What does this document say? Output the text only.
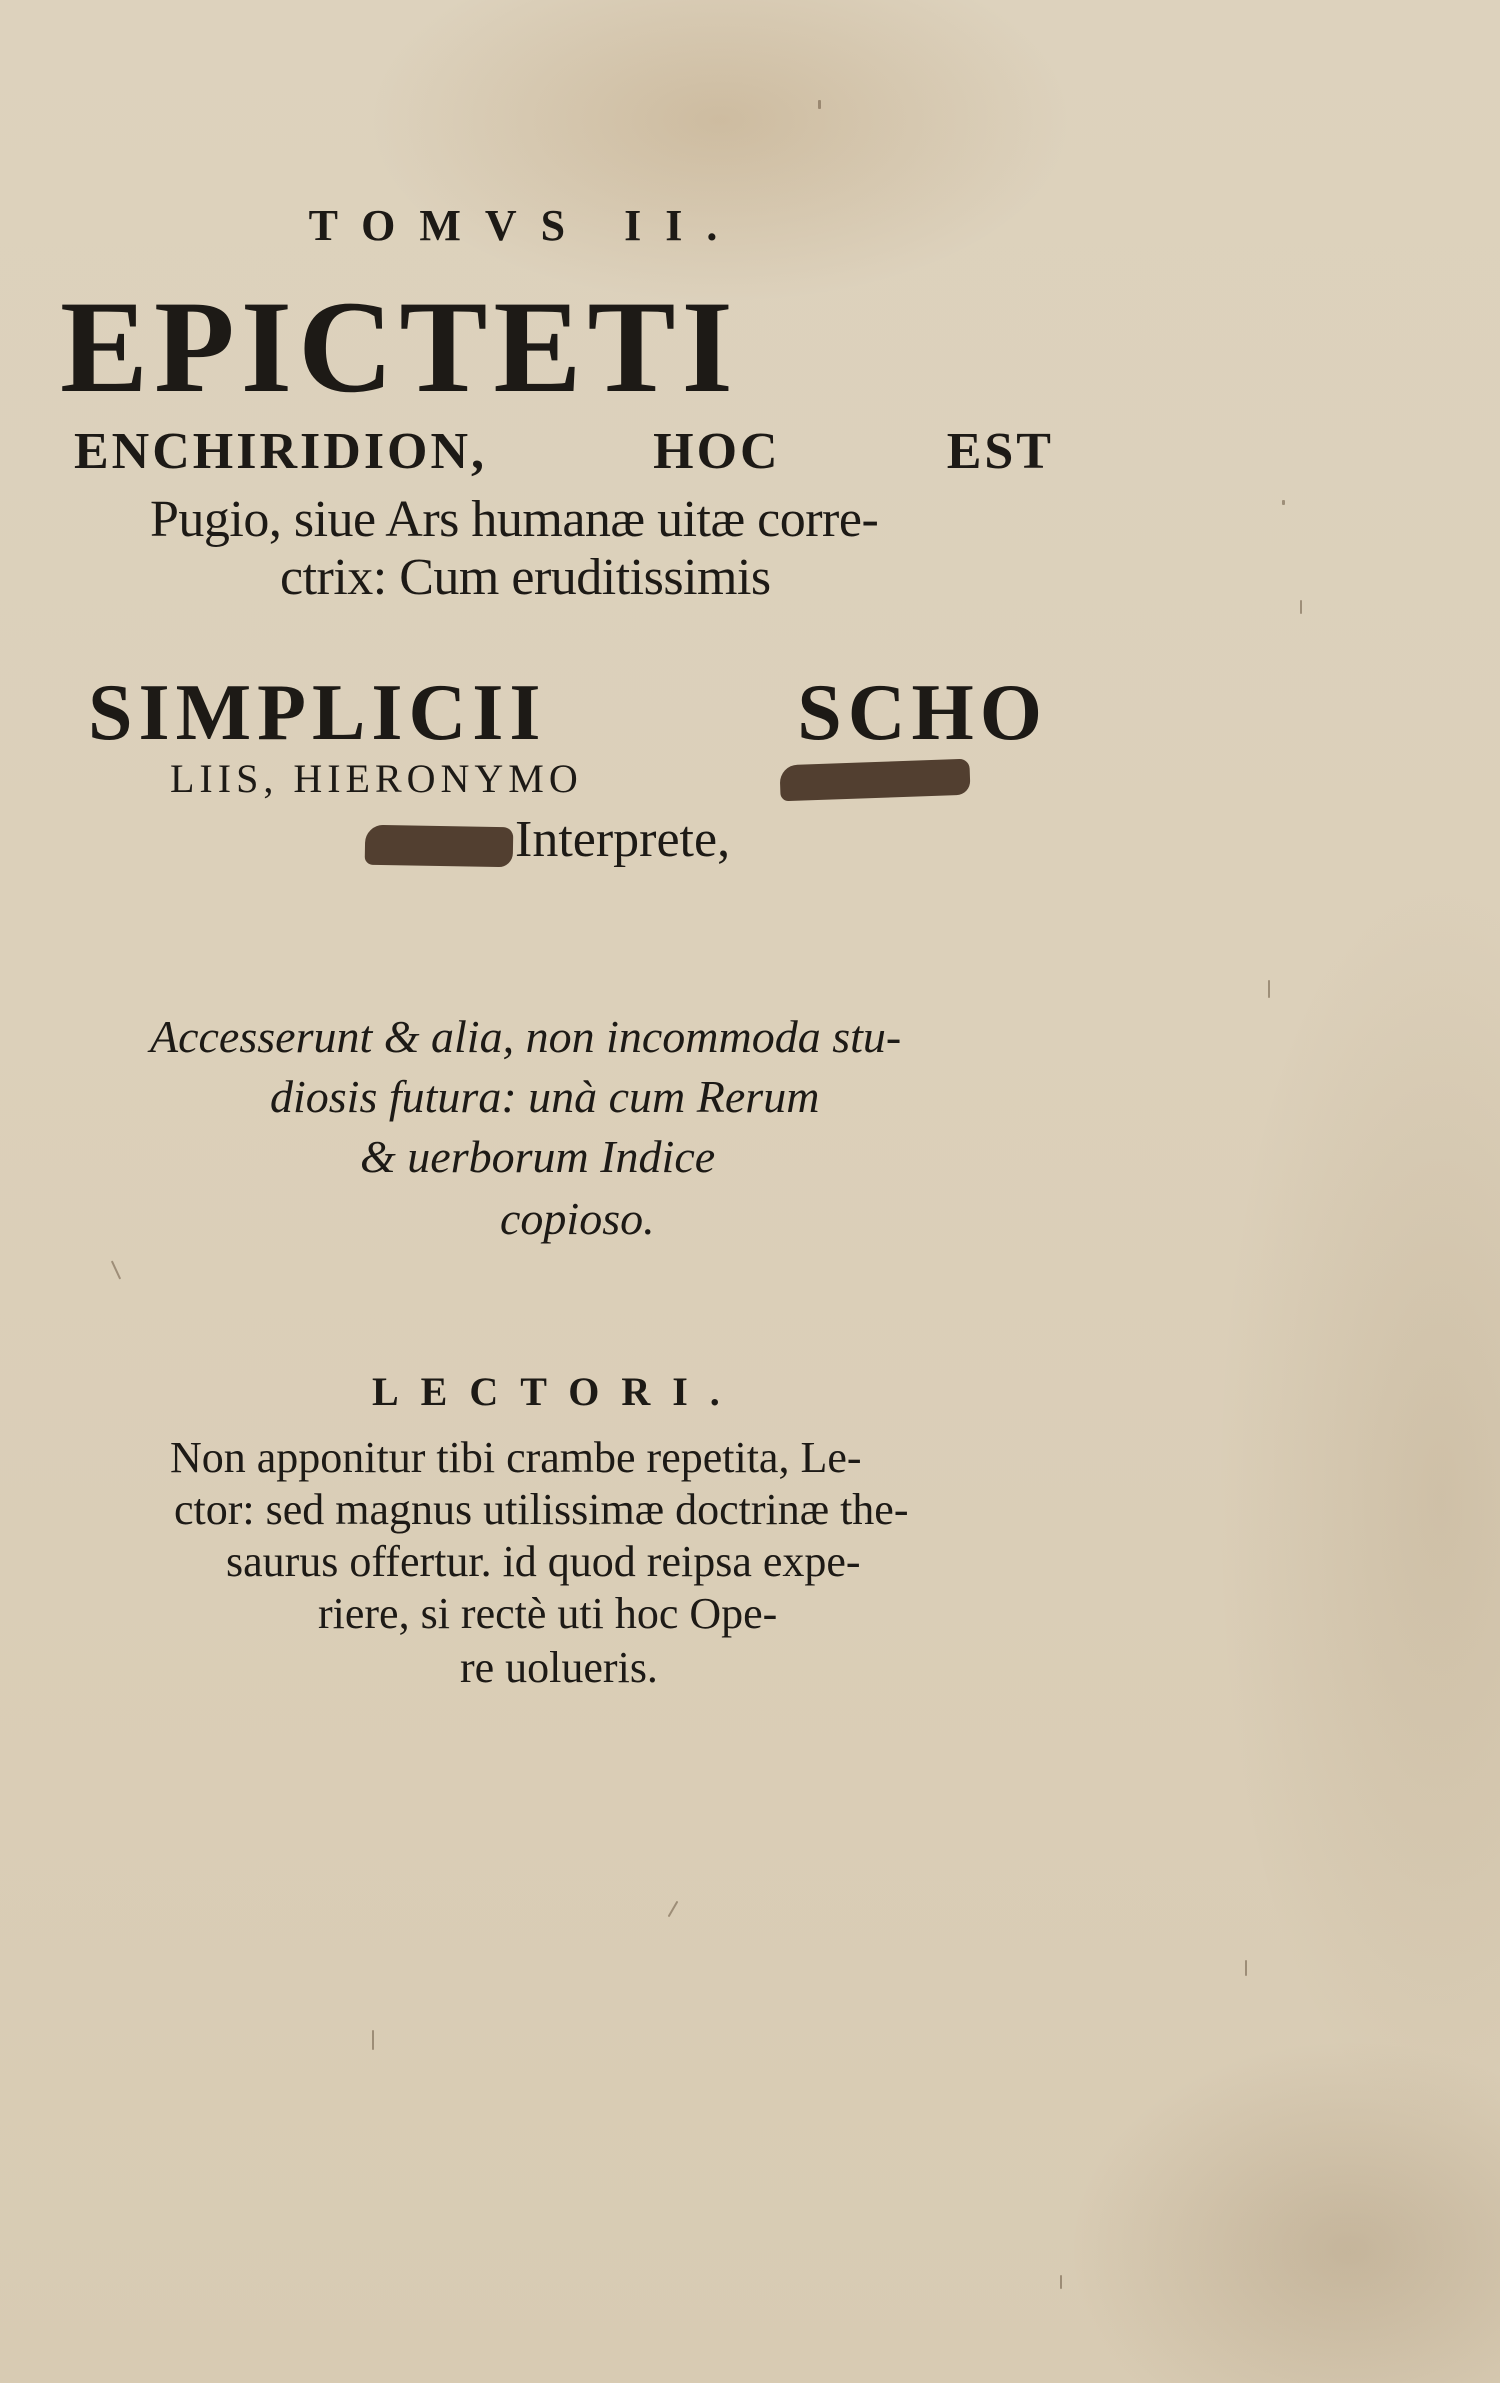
TOMVS II.
EPICTETI
ENCHIRIDION, HOC EST
Pugio, siue Ars humanæ uitæ corre-
ctrix: Cum eruditissimis
SIMPLICII SCHO
LIIS, HIERONYMO
Interprete,
Accesserunt & alia, non incommoda stu-
diosis futura: unà cum Rerum
& uerborum Indice
copioso.
LECTORI.
Non apponitur tibi crambe repetita, Le-
ctor: sed magnus utilissimæ doctrinæ the-
saurus offertur. id quod reipsa expe-
riere, si rectè uti hoc Ope-
re uolueris.
